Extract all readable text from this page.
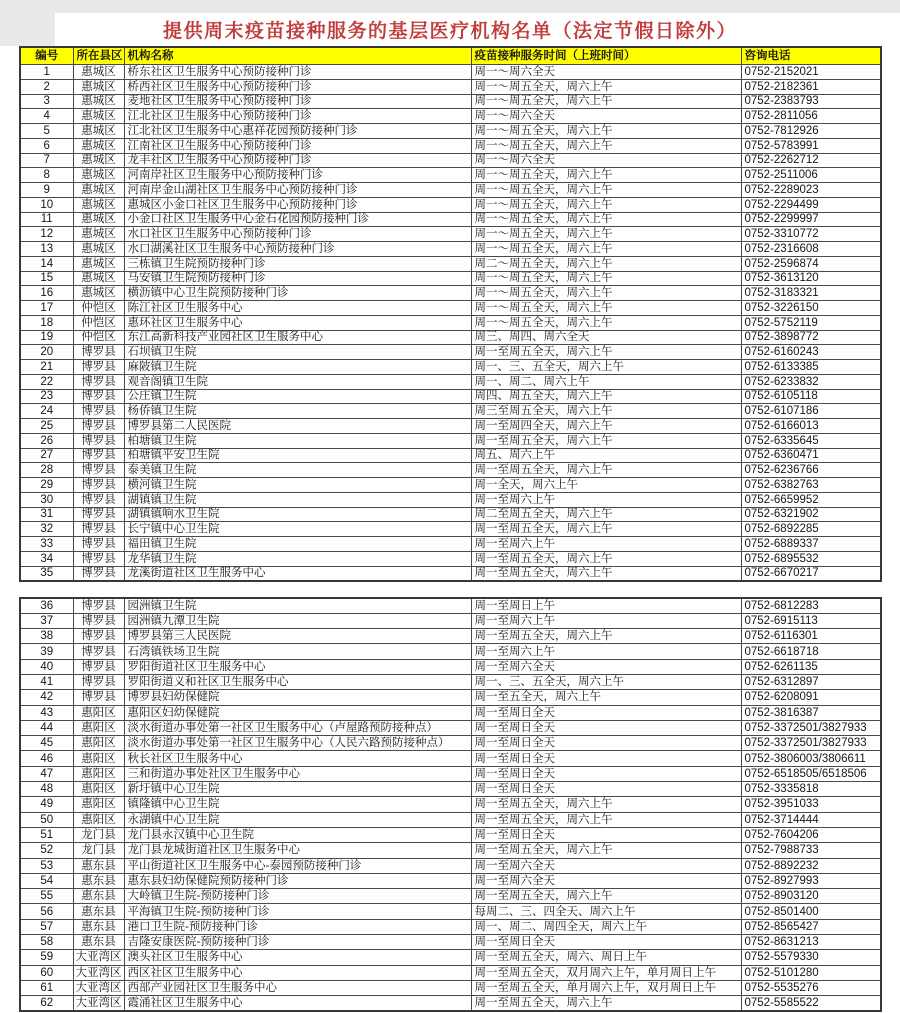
提供周末疫苗接种服务的基层医疗机构名单（法定节假日除外）
编号	所在县区	机构名称	疫苗接种服务时间（上班时间）	咨询电话
1	惠城区	桥东社区卫生服务中心预防接种门诊	周一～周六全天	0752-2152021
2	惠城区	桥西社区卫生服务中心预防接种门诊	周一～周五全天，周六上午	0752-2182361
3	惠城区	麦地社区卫生服务中心预防接种门诊	周一～周五全天，周六上午	0752-2383793
4	惠城区	江北社区卫生服务中心预防接种门诊	周一～周六全天	0752-2811056
5	惠城区	江北社区卫生服务中心惠祥花园预防接种门诊	周一～周五全天，周六上午	0752-7812926
6	惠城区	江南社区卫生服务中心预防接种门诊	周一～周五全天，周六上午	0752-5783991
7	惠城区	龙丰社区卫生服务中心预防接种门诊	周一～周六全天	0752-2262712
8	惠城区	河南岸社区卫生服务中心预防接种门诊	周一～周五全天，周六上午	0752-2511006
9	惠城区	河南岸金山湖社区卫生服务中心预防接种门诊	周一～周五全天，周六上午	0752-2289023
10	惠城区	惠城区小金口社区卫生服务中心预防接种门诊	周一～周五全天，周六上午	0752-2294499
11	惠城区	小金口社区卫生服务中心金石花园预防接种门诊	周一～周五全天，周六上午	0752-2299997
12	惠城区	水口社区卫生服务中心预防接种门诊	周一～周五全天，周六上午	0752-3310772
13	惠城区	水口湖溪社区卫生服务中心预防接种门诊	周一～周五全天，周六上午	0752-2316608
14	惠城区	三栋镇卫生院预防接种门诊	周二～周五全天，周六上午	0752-2596874
15	惠城区	马安镇卫生院预防接种门诊	周一～周五全天，周六上午	0752-3613120
16	惠城区	横沥镇中心卫生院预防接种门诊	周一～周五全天，周六上午	0752-3183321
17	仲恺区	陈江社区卫生服务中心	周一～周五全天，周六上午	0752-3226150
18	仲恺区	惠环社区卫生服务中心	周一～周五全天，周六上午	0752-5752119
19	仲恺区	东江高新科技产业园社区卫生服务中心	周三、周四、周六全天	0752-3898772
20	博罗县	石坝镇卫生院	周一至周五全天，周六上午	0752-6160243
21	博罗县	麻陂镇卫生院	周一、三、五全天，周六上午	0752-6133385
22	博罗县	观音阁镇卫生院	周一、周二、周六上午	0752-6233832
23	博罗县	公庄镇卫生院	周四、周五全天，周六上午	0752-6105118
24	博罗县	杨侨镇卫生院	周三至周五全天，周六上午	0752-6107186
25	博罗县	博罗县第二人民医院	周一至周四全天，周六上午	0752-6166013
26	博罗县	柏塘镇卫生院	周一至周五全天，周六上午	0752-6335645
27	博罗县	柏塘镇平安卫生院	周五、周六上午	0752-6360471
28	博罗县	泰美镇卫生院	周一至周五全天，周六上午	0752-6236766
29	博罗县	横河镇卫生院	周一全天，周六上午	0752-6382763
30	博罗县	湖镇镇卫生院	周一至周六上午	0752-6659952
31	博罗县	湖镇镇响水卫生院	周二至周五全天，周六上午	0752-6321902
32	博罗县	长宁镇中心卫生院	周一至周五全天，周六上午	0752-6892285
33	博罗县	福田镇卫生院	周一至周六上午	0752-6889337
34	博罗县	龙华镇卫生院	周一至周五全天，周六上午	0752-6895532
35	博罗县	龙溪街道社区卫生服务中心	周一至周五全天，周六上午	0752-6670217
36	博罗县	园洲镇卫生院	周一至周日上午	0752-6812283
37	博罗县	园洲镇九潭卫生院	周一至周六上午	0752-6915113
38	博罗县	博罗县第三人民医院	周一至周五全天，周六上午	0752-6116301
39	博罗县	石湾镇铁场卫生院	周一至周六上午	0752-6618718
40	博罗县	罗阳街道社区卫生服务中心	周一至周六全天	0752-6261135
41	博罗县	罗阳街道义和社区卫生服务中心	周一、三、五全天，周六上午	0752-6312897
42	博罗县	博罗县妇幼保健院	周一至五全天，周六上午	0752-6208091
43	惠阳区	惠阳区妇幼保健院	周一至周日全天	0752-3816387
44	惠阳区	淡水街道办事处第一社区卫生服务中心（卢屋路预防接种点）	周一至周日全天	0752-3372501/3827933
45	惠阳区	淡水街道办事处第一社区卫生服务中心（人民六路预防接种点）	周一至周日全天	0752-3372501/3827933
46	惠阳区	秋长社区卫生服务中心	周一至周日全天	0752-3806003/3806611
47	惠阳区	三和街道办事处社区卫生服务中心	周一至周日全天	0752-6518505/6518506
48	惠阳区	新圩镇中心卫生院	周一至周日全天	0752-3335818
49	惠阳区	镇隆镇中心卫生院	周一至周五全天，周六上午	0752-3951033
50	惠阳区	永湖镇中心卫生院	周一至周五全天，周六上午	0752-3714444
51	龙门县	龙门县永汉镇中心卫生院	周一至周日全天	0752-7604206
52	龙门县	龙门县龙城街道社区卫生服务中心	周一至周五全天，周六上午	0752-7988733
53	惠东县	平山街道社区卫生服务中心-泰园预防接种门诊	周一至周六全天	0752-8892232
54	惠东县	惠东县妇幼保健院预防接种门诊	周一至周六全天	0752-8927993
55	惠东县	大岭镇卫生院-预防接种门诊	周一至周五全天，周六上午	0752-8903120
56	惠东县	平海镇卫生院-预防接种门诊	每周二、三、四全天、周六上午	0752-8501400
57	惠东县	港口卫生院-预防接种门诊	周一、周二、周四全天，周六上午	0752-8565427
58	惠东县	吉隆安康医院-预防接种门诊	周一至周日全天	0752-8631213
59	大亚湾区	澳头社区卫生服务中心	周一至周五全天，周六、周日上午	0752-5579330
60	大亚湾区	西区社区卫生服务中心	周一至周五全天，双月周六上午，单月周日上午	0752-5101280
61	大亚湾区	西部产业园社区卫生服务中心	周一至周五全天，单月周六上午，双月周日上午	0752-5535276
62	大亚湾区	霞涌社区卫生服务中心	周一至周五全天，周六上午	0752-5585522
